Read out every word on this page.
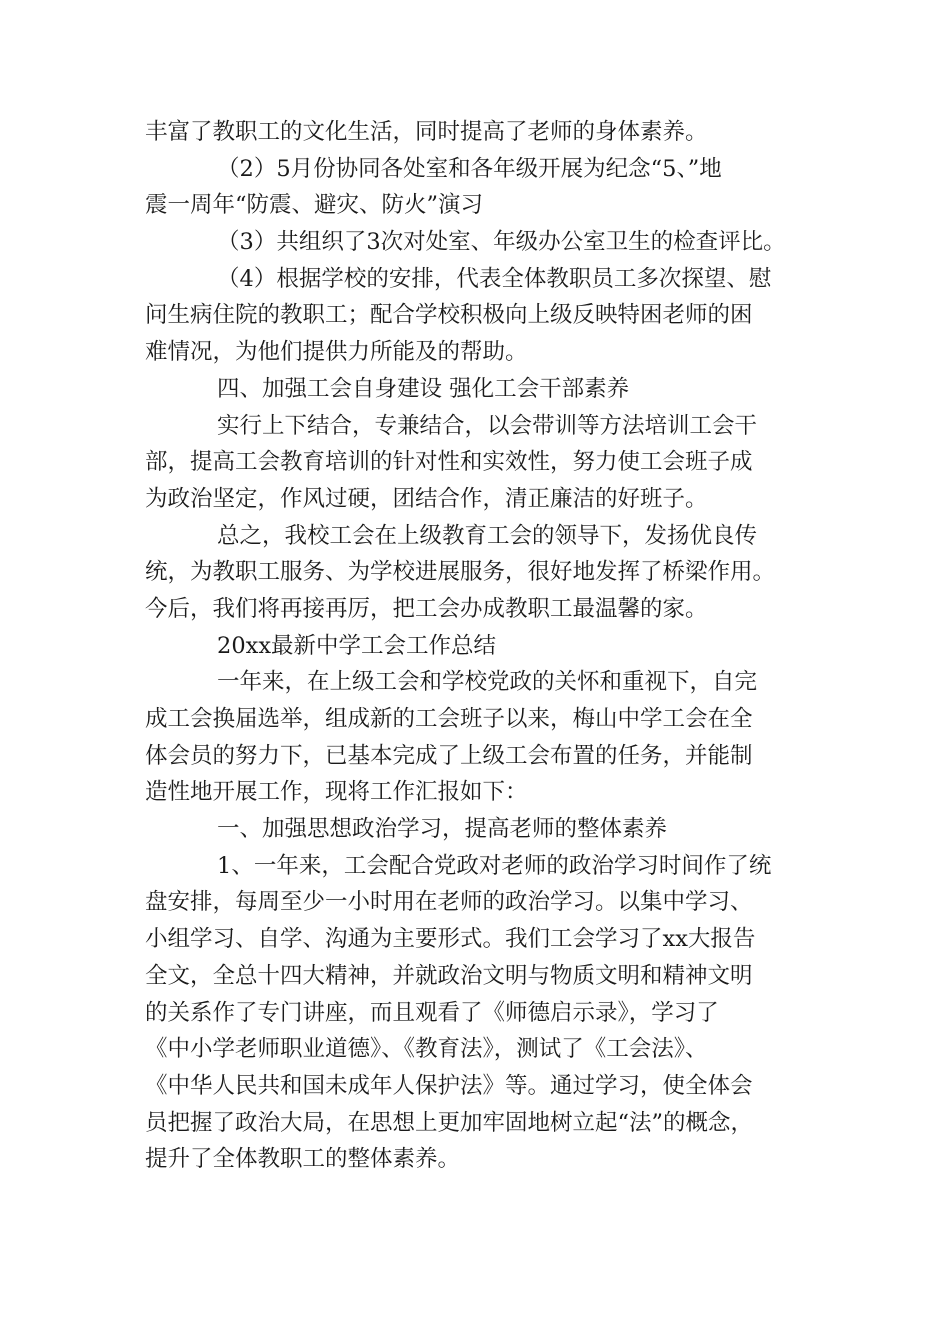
丰富了教职工的文化生活，同时提高了老师的身体素养。
（2）5月份协同各处室和各年级开展为纪念“5、”地
震一周年“防震、避灾、防火”演习
（3）共组织了3次对处室、年级办公室卫生的检查评比。
（4）根据学校的安排，代表全体教职员工多次探望、慰
问生病住院的教职工；配合学校积极向上级反映特困老师的困
难情况，为他们提供力所能及的帮助。
四、加强工会自身建设 强化工会干部素养
实行上下结合，专兼结合，以会带训等方法培训工会干
部，提高工会教育培训的针对性和实效性，努力使工会班子成
为政治坚定，作风过硬，团结合作，清正廉洁的好班子。
总之，我校工会在上级教育工会的领导下，发扬优良传
统，为教职工服务、为学校进展服务，很好地发挥了桥梁作用。
今后，我们将再接再厉，把工会办成教职工最温馨的家。
20xx最新中学工会工作总结
一年来，在上级工会和学校党政的关怀和重视下，自完
成工会换届选举，组成新的工会班子以来，梅山中学工会在全
体会员的努力下，已基本完成了上级工会布置的任务，并能制
造性地开展工作，现将工作汇报如下：
一、加强思想政治学习，提高老师的整体素养
1、一年来，工会配合党政对老师的政治学习时间作了统
盘安排，每周至少一小时用在老师的政治学习。以集中学习、
小组学习、自学、沟通为主要形式。我们工会学习了xx大报告
全文，全总十四大精神，并就政治文明与物质文明和精神文明
的关系作了专门讲座，而且观看了《师德启示录》，学习了
《中小学老师职业道德》、《教育法》，测试了《工会法》、
《中华人民共和国未成年人保护法》等。通过学习，使全体会
员把握了政治大局，在思想上更加牢固地树立起“法”的概念，
提升了全体教职工的整体素养。
